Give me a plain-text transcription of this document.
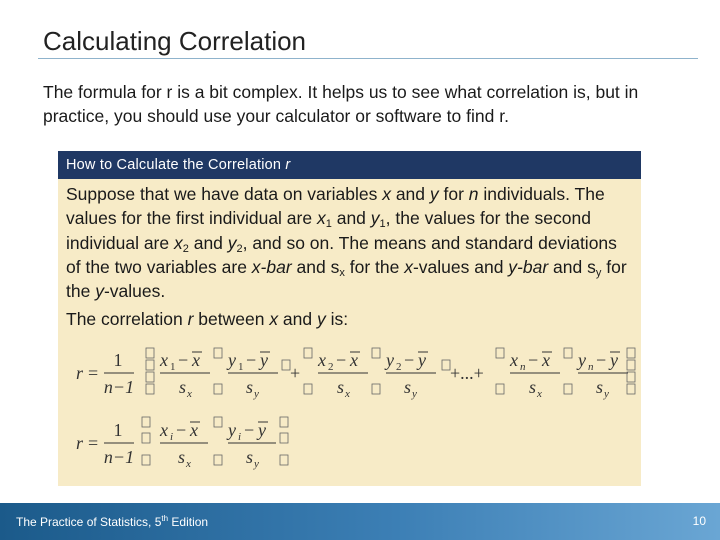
Calculating Correlation
The formula for r is a bit complex. It helps us to see what correlation is, but in practice, you should use your calculator or software to find r.
How to Calculate the Correlation r

Suppose that we have data on variables x and y for n individuals. The values for the first individual are $x_1$ and $y_1$, the values for the second individual are $x_2$ and $y_2$, and so on. The means and standard deviations of the two variables are x-bar and $s_x$ for the x-values and y-bar and $s_y$ for the y-values.

The correlation r between x and y is:

r =
1
n−1
x 1 − x
s x
y 1 − y
s y
+
x 2 − x
s x
y 2 − y
s y
+...+
x n − x
s x
y n − y
s y
r =
1
n−1
x i − x
s x
y i − y
s y
The Practice of Statistics, 5th Edition	10
